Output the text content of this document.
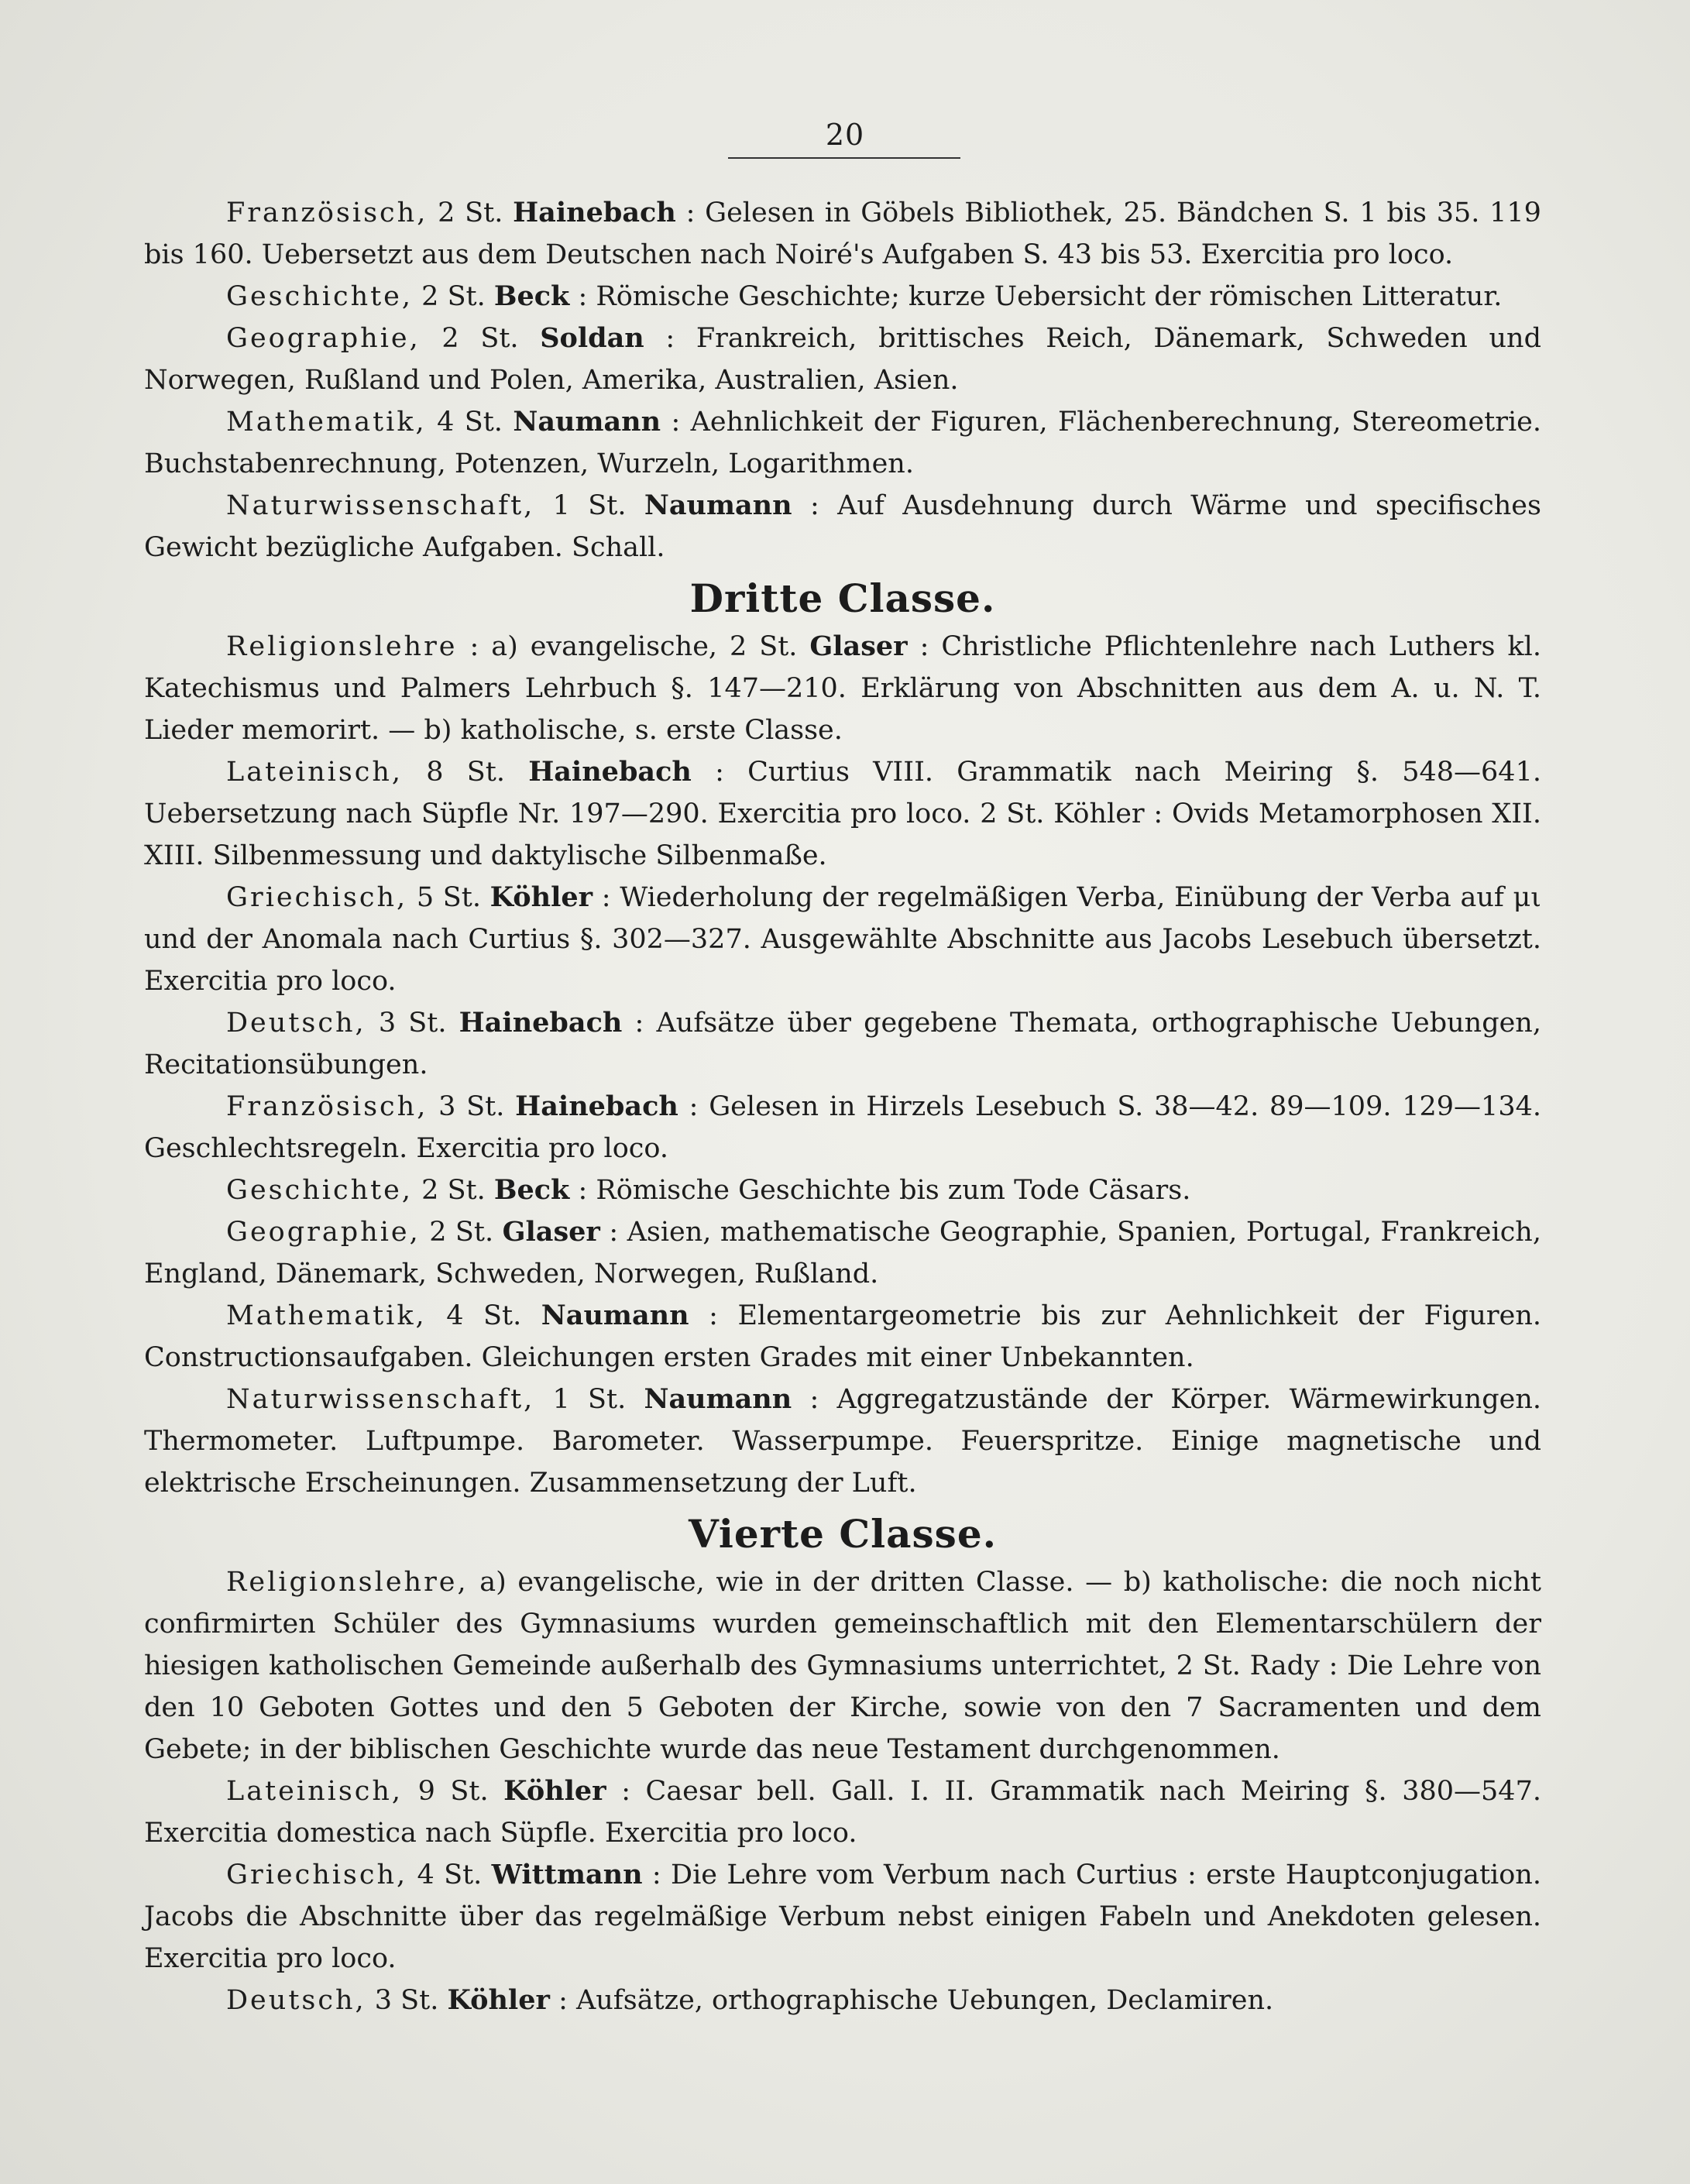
20

Französisch, 2 St. Hainebach : Gelesen in Göbels Bibliothek, 25. Bändchen S. 1 bis 35. 119 bis 160. Uebersetzt aus dem Deutschen nach Noiré's Aufgaben S. 43 bis 53. Exercitia pro loco.

Geschichte, 2 St. Beck : Römische Geschichte; kurze Uebersicht der römischen Litteratur.

Geographie, 2 St. Soldan : Frankreich, brittisches Reich, Dänemark, Schweden und Norwegen, Rußland und Polen, Amerika, Australien, Asien.

Mathematik, 4 St. Naumann : Aehnlichkeit der Figuren, Flächenberechnung, Stereometrie. Buchstabenrechnung, Potenzen, Wurzeln, Logarithmen.

Naturwissenschaft, 1 St. Naumann : Auf Ausdehnung durch Wärme und specifisches Gewicht bezügliche Aufgaben. Schall.

Dritte Classe.

Religionslehre : a) evangelische, 2 St. Glaser : Christliche Pflichtenlehre nach Luthers kl. Katechismus und Palmers Lehrbuch §. 147—210. Erklärung von Abschnitten aus dem A. u. N. T. Lieder memorirt. — b) katholische, s. erste Classe.

Lateinisch, 8 St. Hainebach : Curtius VIII. Grammatik nach Meiring §. 548—641. Uebersetzung nach Süpfle Nr. 197—290. Exercitia pro loco. 2 St. Köhler : Ovids Metamorphosen XII. XIII. Silbenmessung und daktylische Silbenmaße.

Griechisch, 5 St. Köhler : Wiederholung der regelmäßigen Verba, Einübung der Verba auf μι und der Anomala nach Curtius §. 302—327. Ausgewählte Abschnitte aus Jacobs Lesebuch übersetzt. Exercitia pro loco.

Deutsch, 3 St. Hainebach : Aufsätze über gegebene Themata, orthographische Uebungen, Recitationsübungen.

Französisch, 3 St. Hainebach : Gelesen in Hirzels Lesebuch S. 38—42. 89—109. 129—134. Geschlechtsregeln. Exercitia pro loco.

Geschichte, 2 St. Beck : Römische Geschichte bis zum Tode Cäsars.

Geographie, 2 St. Glaser : Asien, mathematische Geographie, Spanien, Portugal, Frankreich, England, Dänemark, Schweden, Norwegen, Rußland.

Mathematik, 4 St. Naumann : Elementargeometrie bis zur Aehnlichkeit der Figuren. Constructionsaufgaben. Gleichungen ersten Grades mit einer Unbekannten.

Naturwissenschaft, 1 St. Naumann : Aggregatzustände der Körper. Wärmewirkungen. Thermometer. Luftpumpe. Barometer. Wasserpumpe. Feuerspritze. Einige magnetische und elektrische Erscheinungen. Zusammensetzung der Luft.

Vierte Classe.

Religionslehre, a) evangelische, wie in der dritten Classe. — b) katholische: die noch nicht confirmirten Schüler des Gymnasiums wurden gemeinschaftlich mit den Elementarschülern der hiesigen katholischen Gemeinde außerhalb des Gymnasiums unterrichtet, 2 St. Rady : Die Lehre von den 10 Geboten Gottes und den 5 Geboten der Kirche, sowie von den 7 Sacramenten und dem Gebete; in der biblischen Geschichte wurde das neue Testament durchgenommen.

Lateinisch, 9 St. Köhler : Caesar bell. Gall. I. II. Grammatik nach Meiring §. 380—547. Exercitia domestica nach Süpfle. Exercitia pro loco.

Griechisch, 4 St. Wittmann : Die Lehre vom Verbum nach Curtius : erste Hauptconjugation. Jacobs die Abschnitte über das regelmäßige Verbum nebst einigen Fabeln und Anekdoten gelesen. Exercitia pro loco.

Deutsch, 3 St. Köhler : Aufsätze, orthographische Uebungen, Declamiren.
